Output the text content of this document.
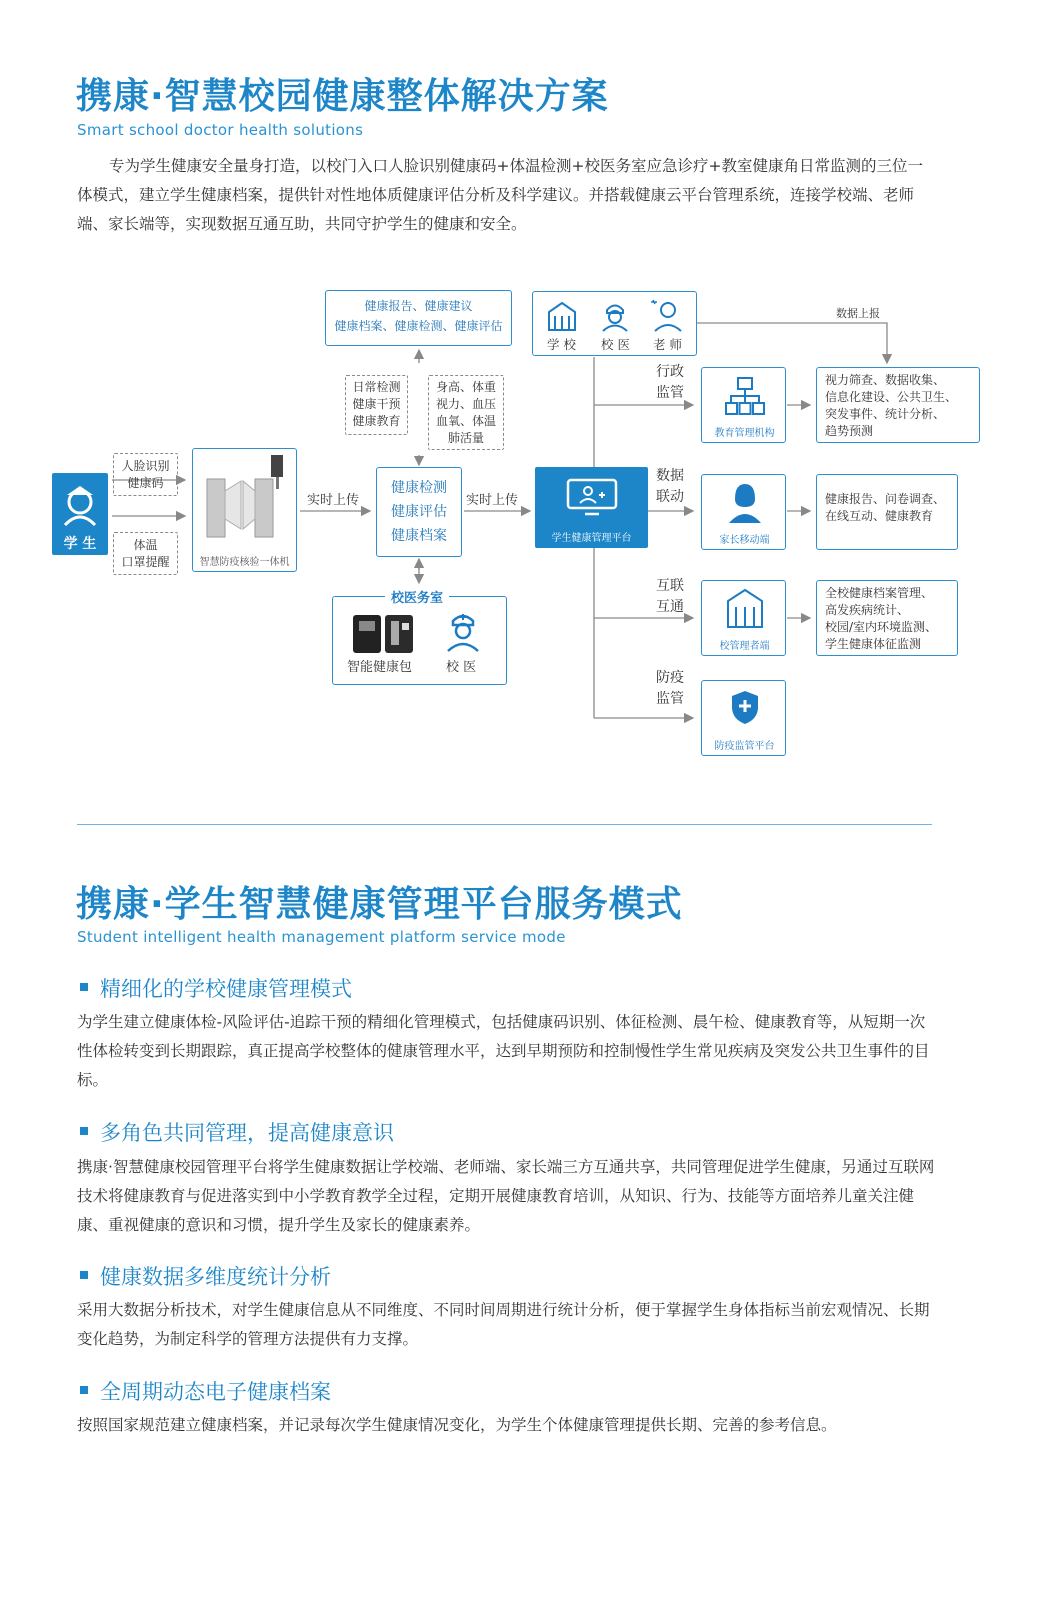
携康·智慧校园健康整体解决方案
Smart school doctor health solutions
专为学生健康安全量身打造，以校门入口人脸识别健康码+体温检测+校医务室应急诊疗+教室健康角日常监测的三位一体模式，建立学生健康档案，提供针对性地体质健康评估分析及科学建议。并搭载健康云平台管理系统，连接学校端、老师端、家长端等，实现数据互通互助，共同守护学生的健康和安全。
学 生
人脸识别
健康码
体温
口罩提醒	智慧防疫核验一体机
实时上传	实时上传
健康检测
健康评估
健康档案
健康报告、健康建议
健康档案、健康检测、健康评估
日常检测
健康干预
健康教育
身高、体重
视力、血压
血氧、体温
肺活量
校医务室
智能健康包	校 医
学 校 校 医 老 师
数据上报
学生健康管理平台
行政
监管
数据
联动
互联
互通
防疫
监管
教育管理机构
家长移动端
校管理者端
防疫监管平台
视力筛查、数据收集、
信息化建设、公共卫生、
突发事件、统计分析、
趋势预测
健康报告、问卷调查、
在线互动、健康教育
全校健康档案管理、
高发疾病统计、
校园/室内环境监测、
学生健康体征监测
携康·学生智慧健康管理平台服务模式
Student intelligent health management platform service mode
精细化的学校健康管理模式
为学生建立健康体检-风险评估-追踪干预的精细化管理模式，包括健康码识别、体征检测、晨午检、健康教育等，从短期一次性体检转变到长期跟踪，真正提高学校整体的健康管理水平，达到早期预防和控制慢性学生常见疾病及突发公共卫生事件的目标。
多角色共同管理，提高健康意识
携康·智慧健康校园管理平台将学生健康数据让学校端、老师端、家长端三方互通共享，共同管理促进学生健康，另通过互联网技术将健康教育与促进落实到中小学教育教学全过程，定期开展健康教育培训，从知识、行为、技能等方面培养儿童关注健康、重视健康的意识和习惯，提升学生及家长的健康素养。
健康数据多维度统计分析
采用大数据分析技术，对学生健康信息从不同维度、不同时间周期进行统计分析，便于掌握学生身体指标当前宏观情况、长期变化趋势，为制定科学的管理方法提供有力支撑。
全周期动态电子健康档案
按照国家规范建立健康档案，并记录每次学生健康情况变化，为学生个体健康管理提供长期、完善的参考信息。
